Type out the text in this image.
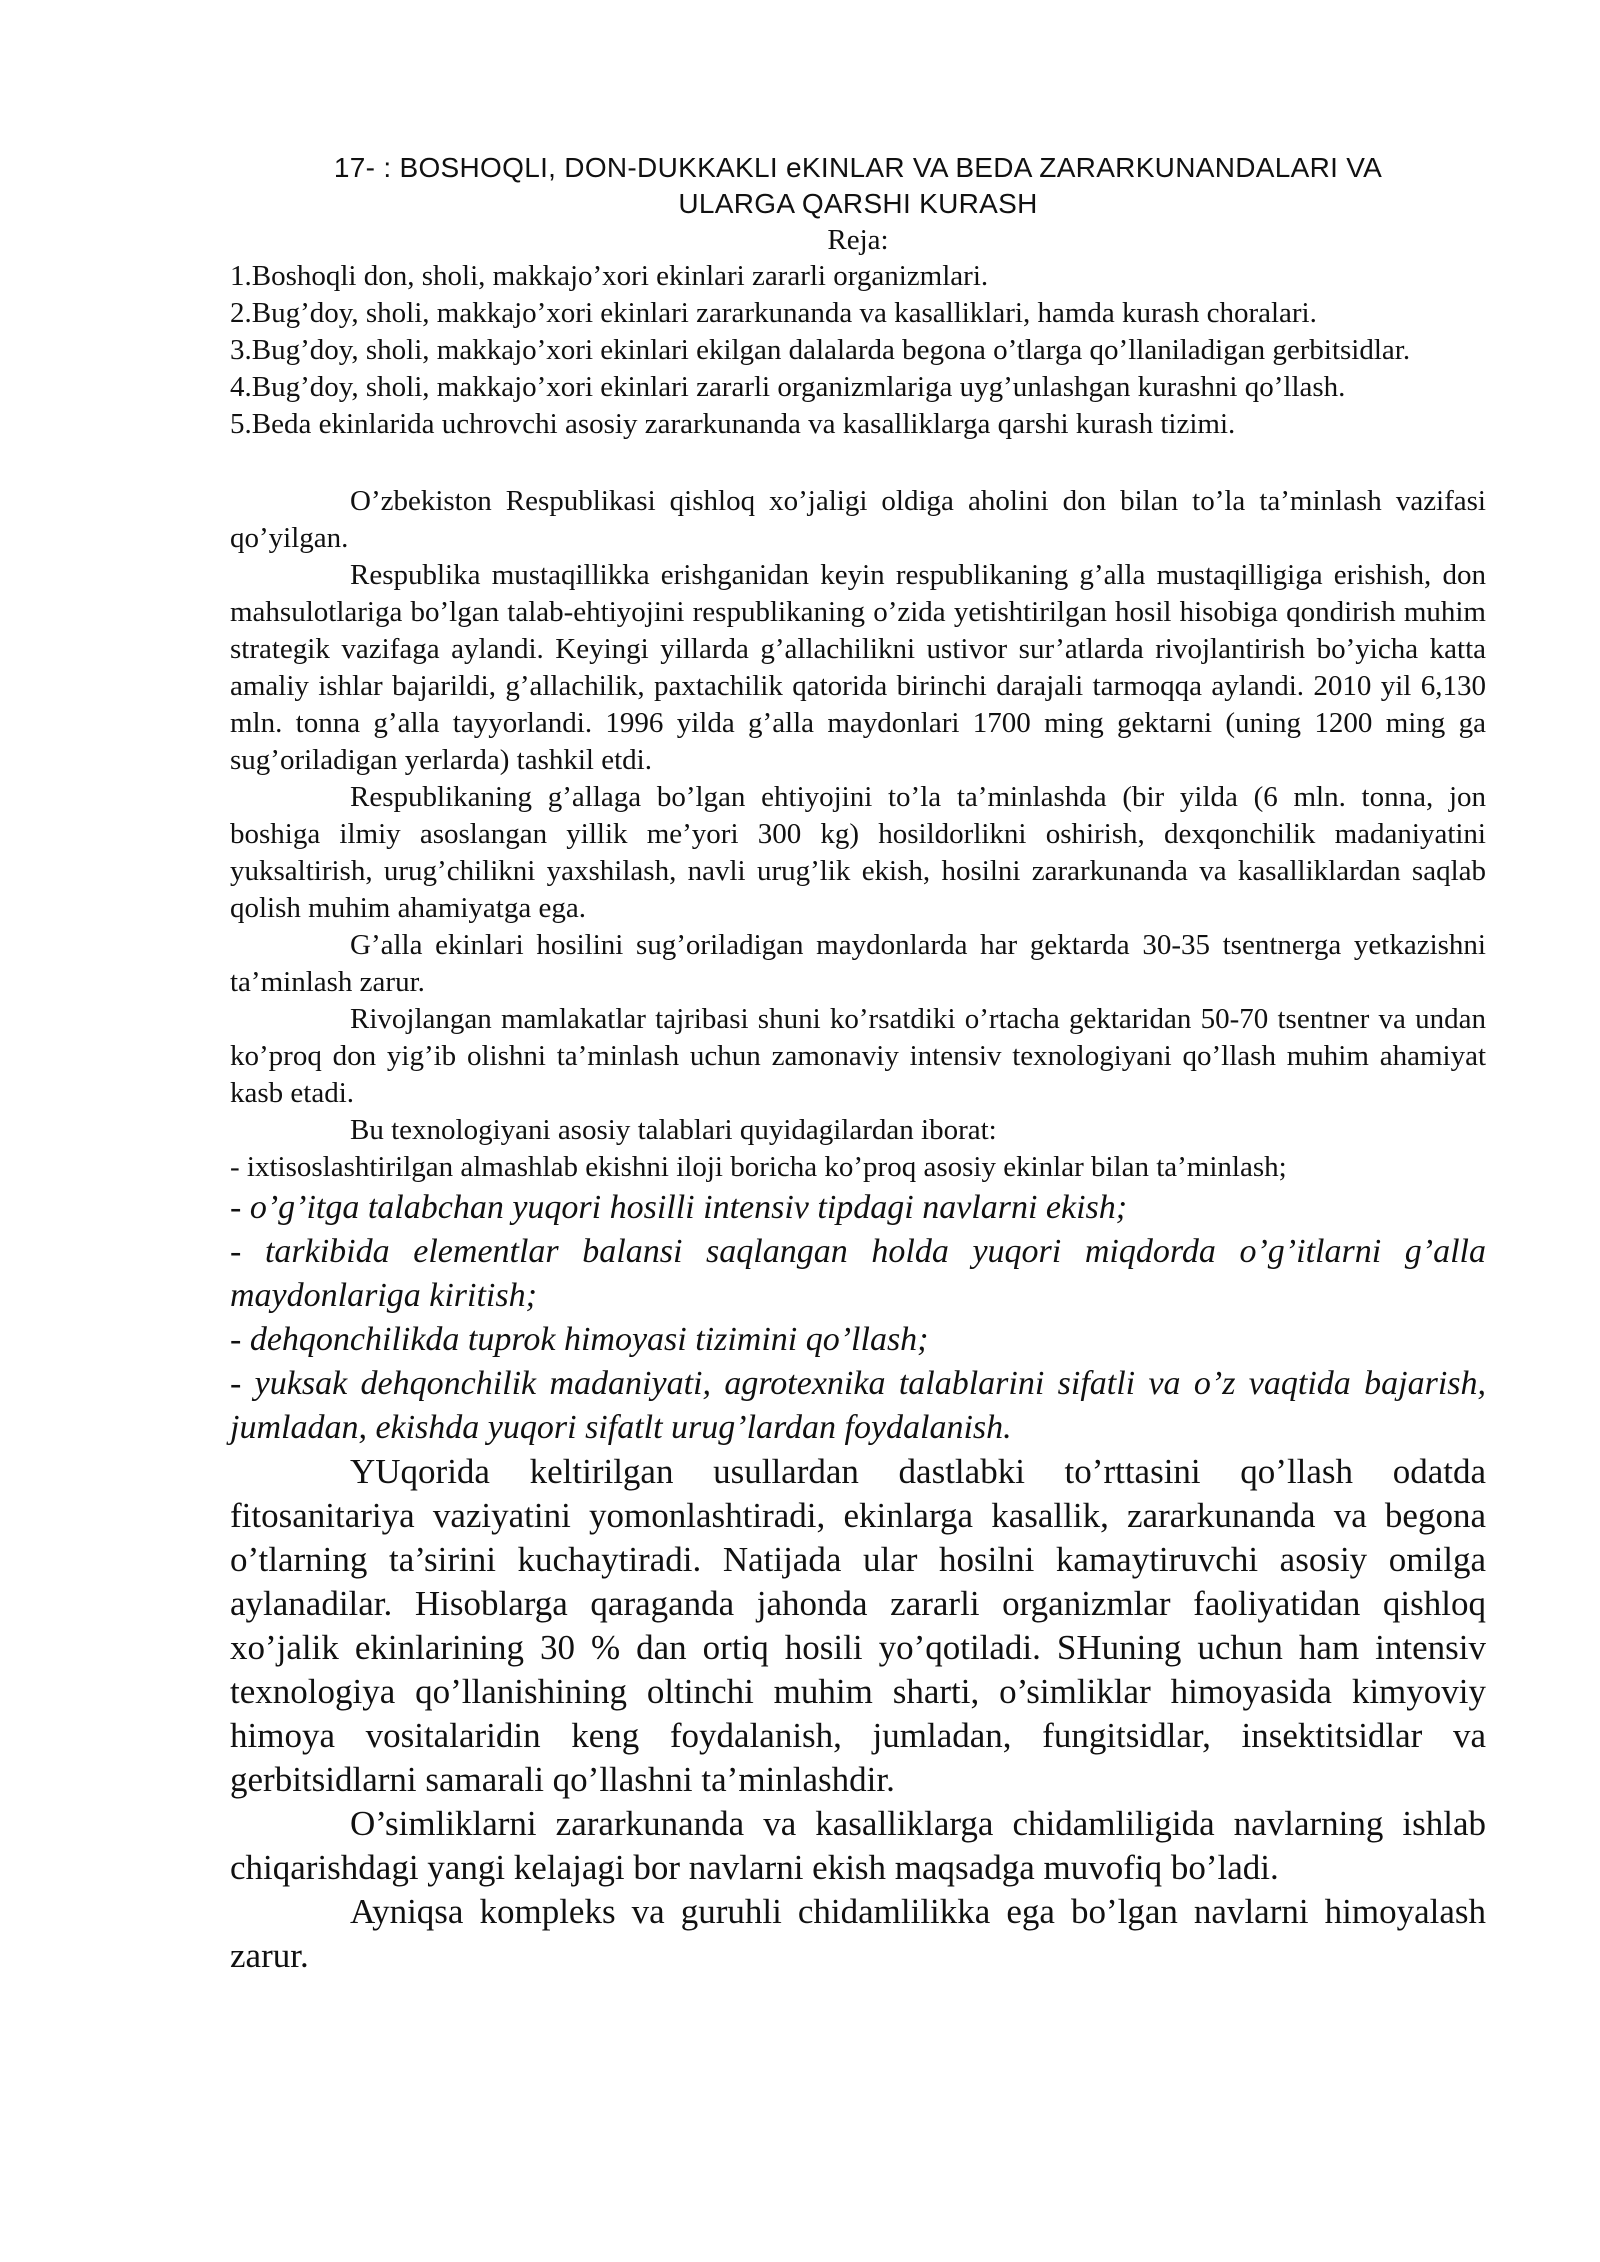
17- : BOSHOQLI, DON-DUKKAKLI eKINLAR VA BEDA ZARARKUNANDALARI VA
ULARGA QARSHI KURASH
Reja:
1.Boshoqli don, sholi, makkajo’xori ekinlari zararli organizmlari.
2.Bug’doy, sholi, makkajo’xori ekinlari zararkunanda va kasalliklari, hamda kurash choralari.
3.Bug’doy, sholi, makkajo’xori ekinlari ekilgan dalalarda begona o’tlarga qo’llaniladigan gerbitsidlar.
4.Bug’doy, sholi, makkajo’xori ekinlari zararli organizmlariga uyg’unlashgan kurashni qo’llash.
5.Beda ekinlarida uchrovchi asosiy zararkunanda va kasalliklarga qarshi kurash tizimi.

O’zbekiston Respublikasi qishloq xo’jaligi oldiga aholini don bilan to’la ta’minlash vazifasi qo’yilgan.

Respublika mustaqillikka erishganidan keyin respublikaning g’alla mustaqilligiga erishish, don mahsulotlariga bo’lgan talab-ehtiyojini respublikaning o’zida yetishtirilgan hosil hisobiga qondirish muhim strategik vazifaga aylandi. Keyingi yillarda g’allachilikni ustivor sur’atlarda rivojlantirish bo’yicha katta amaliy ishlar bajarildi, g’allachilik, paxtachilik qatorida birinchi darajali tarmoqqa aylandi. 2010 yil 6,130 mln. tonna g’alla tayyorlandi. 1996 yilda g’alla maydonlari 1700 ming gektarni (uning 1200 ming ga sug’oriladigan yerlarda) tashkil etdi.

Respublikaning g’allaga bo’lgan ehtiyojini to’la ta’minlashda (bir yilda (6 mln. tonna, jon boshiga ilmiy asoslangan yillik me’yori 300 kg) hosildorlikni oshirish, dexqonchilik madaniyatini yuksaltirish, urug’chilikni yaxshilash, navli urug’lik ekish, hosilni zararkunanda va kasalliklardan saqlab qolish muhim ahamiyatga ega.

G’alla ekinlari hosilini sug’oriladigan maydonlarda har gektarda 30-35 tsentnerga yetkazishni ta’minlash zarur.

Rivojlangan mamlakatlar tajribasi shuni ko’rsatdiki o’rtacha gektaridan 50-70 tsentner va undan ko’proq don yig’ib olishni ta’minlash uchun zamonaviy intensiv texnologiyani qo’llash muhim ahamiyat kasb etadi.

Bu texnologiyani asosiy talablari quyidagilardan iborat:

- ixtisoslashtirilgan almashlab ekishni iloji boricha ko’proq asosiy ekinlar bilan ta’minlash;

- o’g’itga talabchan yuqori hosilli intensiv tipdagi navlarni ekish;

- tarkibida elementlar balansi saqlangan holda yuqori miqdorda o’g’itlarni g’alla maydonlariga kiritish;

- dehqonchilikda tuprok himoyasi tizimini qo’llash;

- yuksak dehqonchilik madaniyati, agrotexnika talablarini sifatli va o’z vaqtida bajarish, jumladan, ekishda yuqori sifatlt urug’lardan foydalanish.

YUqorida keltirilgan usullardan dastlabki to’rttasini qo’llash odatda fitosanitariya vaziyatini yomonlashtiradi, ekinlarga kasallik, zararkunanda va begona o’tlarning ta’sirini kuchaytiradi. Natijada ular hosilni kamaytiruvchi asosiy omilga aylanadilar. Hisoblarga qaraganda jahonda zararli organizmlar faoliyatidan qishloq xo’jalik ekinlarining 30 % dan ortiq hosili yo’qotiladi. SHuning uchun ham intensiv texnologiya qo’llanishining oltinchi muhim sharti, o’simliklar himoyasida kimyoviy himoya vositalaridin keng foydalanish, jumladan, fungitsidlar, insektitsidlar va gerbitsidlarni samarali qo’llashni ta’minlashdir.

O’simliklarni zararkunanda va kasalliklarga chidamliligida navlarning ishlab chiqarishdagi yangi kelajagi bor navlarni ekish maqsadga muvofiq bo’ladi.

Ayniqsa kompleks va guruhli chidamlilikka ega bo’lgan navlarni himoyalash zarur.
